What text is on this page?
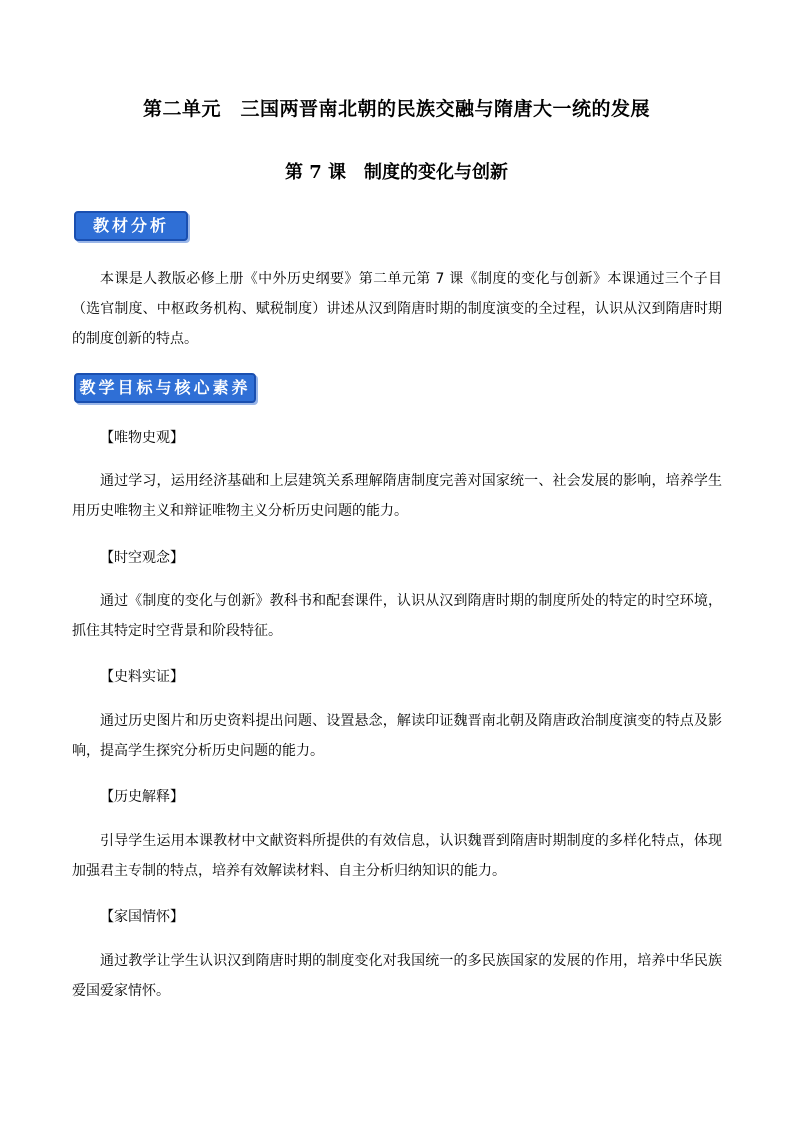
第二单元　三国两晋南北朝的民族交融与隋唐大一统的发展
第 7 课　制度的变化与创新
教材分析

本课是人教版必修上册《中外历史纲要》第二单元第 7 课《制度的变化与创新》本课通过三个子目（选官制度、中枢政务机构、赋税制度）讲述从汉到隋唐时期的制度演变的全过程，认识从汉到隋唐时期的制度创新的特点。

教学目标与核心素养

【唯物史观】

通过学习，运用经济基础和上层建筑关系理解隋唐制度完善对国家统一、社会发展的影响，培养学生用历史唯物主义和辩证唯物主义分析历史问题的能力。

【时空观念】

通过《制度的变化与创新》教科书和配套课件，认识从汉到隋唐时期的制度所处的特定的时空环境，抓住其特定时空背景和阶段特征。

【史料实证】

通过历史图片和历史资料提出问题、设置悬念，解读印证魏晋南北朝及隋唐政治制度演变的特点及影响，提高学生探究分析历史问题的能力。

【历史解释】

引导学生运用本课教材中文献资料所提供的有效信息，认识魏晋到隋唐时期制度的多样化特点，体现加强君主专制的特点，培养有效解读材料、自主分析归纳知识的能力。

【家国情怀】

通过教学让学生认识汉到隋唐时期的制度变化对我国统一的多民族国家的发展的作用，培养中华民族爱国爱家情怀。
